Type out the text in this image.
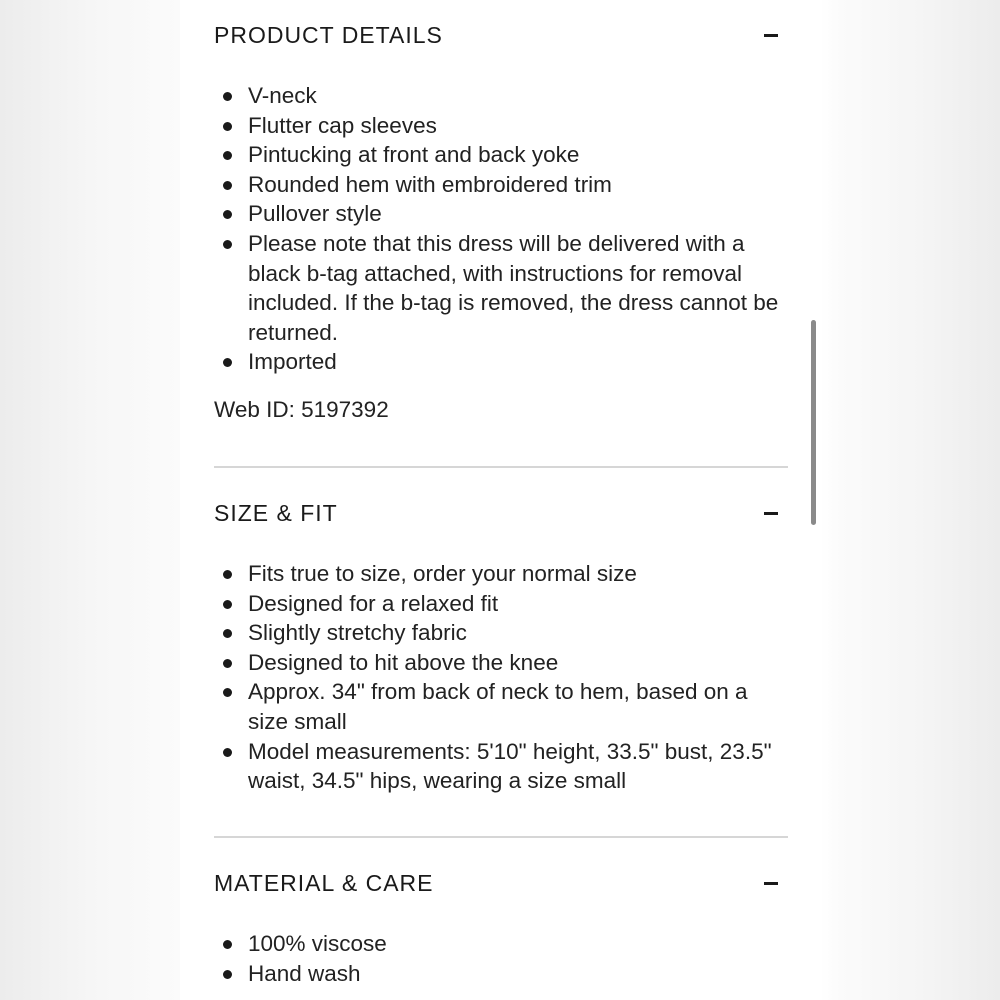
PRODUCT DETAILS
V-neck
Flutter cap sleeves
Pintucking at front and back yoke
Rounded hem with embroidered trim
Pullover style
Please note that this dress will be delivered with a black b-tag attached, with instructions for removal included. If the b-tag is removed, the dress cannot be returned.
Imported
Web ID: 5197392
SIZE & FIT
Fits true to size, order your normal size
Designed for a relaxed fit
Slightly stretchy fabric
Designed to hit above the knee
Approx. 34" from back of neck to hem, based on a size small
Model measurements: 5'10" height, 33.5" bust, 23.5" waist, 34.5" hips, wearing a size small
MATERIAL & CARE
100% viscose
Hand wash
